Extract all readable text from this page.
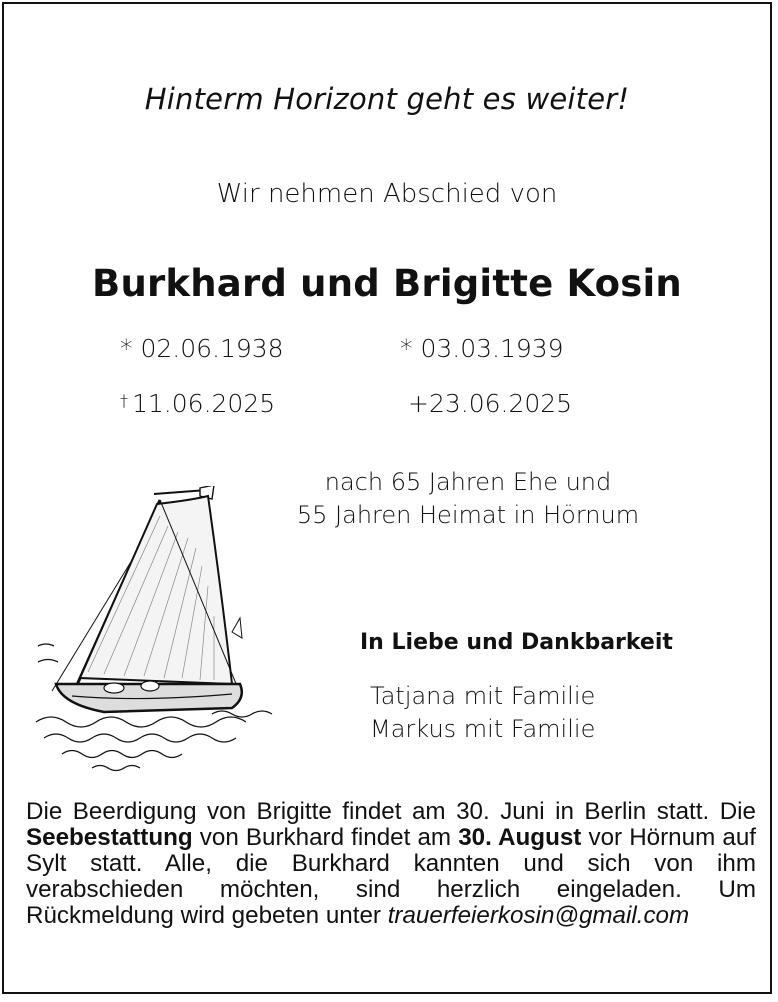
Hinterm Horizont geht es weiter!
Wir nehmen Abschied von
Burkhard und Brigitte Kosin
* 02.06.1938	* 03.03.1939
† 11.06.2025	+23.06.2025
nach 65 Jahren Ehe und
55 Jahren Heimat in Hörnum
In Liebe und Dankbarkeit
Tatjana mit Familie
Markus mit Familie
Die Beerdigung von Brigitte findet am 30. Juni in Berlin statt. Die Seebestattung von Burkhard findet am 30. August vor Hörnum auf Sylt statt. Alle, die Burkhard kannten und sich von ihm verabschieden möchten, sind herzlich eingeladen. Um Rückmeldung wird gebeten unter trauerfeierkosin@gmail.com
